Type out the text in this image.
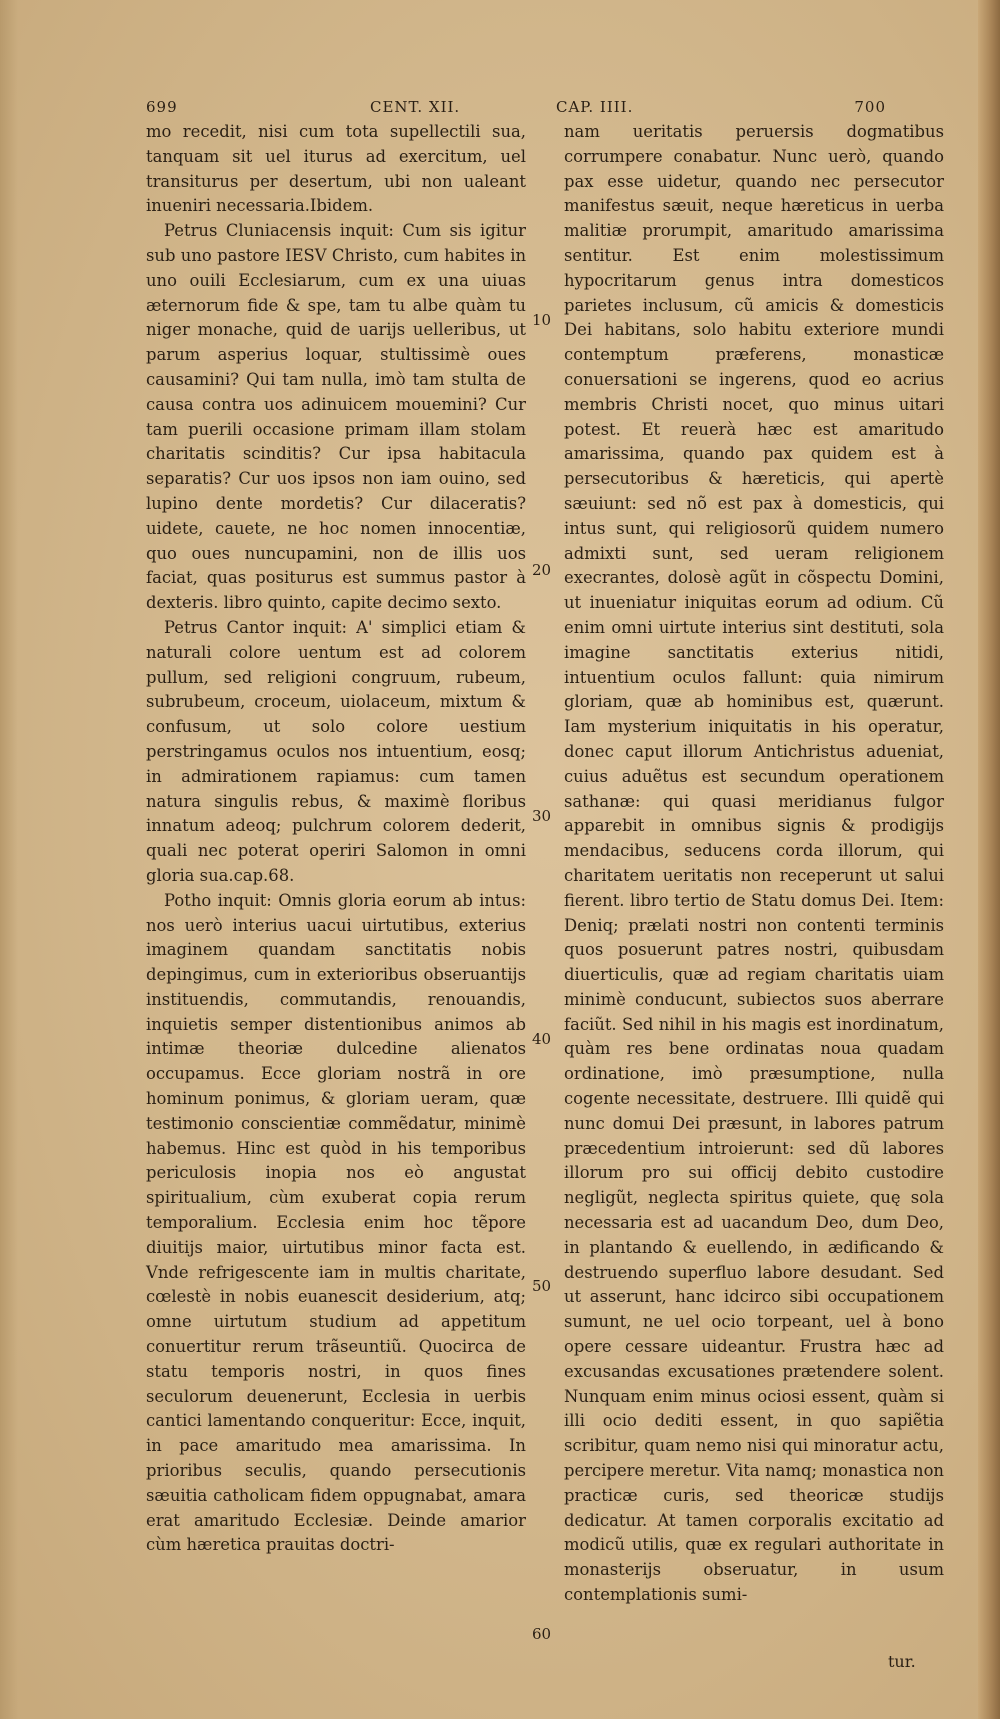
699	CENT. XII.	CAP. IIII.	700

mo recedit, nisi cum tota supellectili sua, tanquam sit uel iturus ad exercitum, uel transiturus per desertum, ubi non ualeant inueniri necessaria.Ibidem.

Petrus Cluniacensis inquit: Cum sis igitur sub uno pastore IESV Christo, cum habites in uno ouili Ecclesiarum, cum ex una uiuas æternorum fide & spe, tam tu albe quàm tu niger monache, quid de uarijs uelleribus, ut parum asperius loquar, stultissimè oues causamini? Qui tam nulla, imò tam stulta de causa contra uos adinuicem mouemini? Cur tam puerili occasione primam illam stolam charitatis scinditis? Cur ipsa habitacula separatis? Cur uos ipsos non iam ouino, sed lupino dente mordetis? Cur dilaceratis? uidete, cauete, ne hoc nomen innocentiæ, quo oues nuncupamini, non de illis uos faciat, quas positurus est summus pastor à dexteris. libro quinto, capite decimo sexto.

Petrus Cantor inquit: A' simplici etiam & naturali colore uentum est ad colorem pullum, sed religioni congruum, rubeum, subrubeum, croceum, uiolaceum, mixtum & confusum, ut solo colore uestium perstringamus oculos nos intuentium, eosq; in admirationem rapiamus: cum tamen natura singulis rebus, & maximè floribus innatum adeoq; pulchrum colorem dederit, quali nec poterat operiri Salomon in omni gloria sua.cap.68.

Potho inquit: Omnis gloria eorum ab intus: nos uerò interius uacui uirtutibus, exterius imaginem quandam sanctitatis nobis depingimus, cum in exterioribus obseruantijs instituendis, commutandis, renouandis, inquietis semper distentionibus animos ab intimæ theoriæ dulcedine alienatos occupamus. Ecce gloriam nostrã in ore hominum ponimus, & gloriam ueram, quæ testimonio conscientiæ commẽdatur, minimè habemus. Hinc est quòd in his temporibus periculosis inopia nos eò angustat spiritualium, cùm exuberat copia rerum temporalium. Ecclesia enim hoc tẽpore diuitijs maior, uirtutibus minor facta est. Vnde refrigescente iam in multis charitate, cœlestè in nobis euanescit desiderium, atq; omne uirtutum studium ad appetitum conuertitur rerum trãseuntiũ. Quocirca de statu temporis nostri, in quos fines seculorum deuenerunt, Ecclesia in uerbis cantici lamentando conqueritur: Ecce, inquit, in pace amaritudo mea amarissima. In prioribus seculis, quando persecutionis sæuitia catholicam fidem oppugnabat, amara erat amaritudo Ecclesiæ. Deinde amarior cùm hæretica prauitas doctri-

10
20
30
40
50
60

nam ueritatis peruersis dogmatibus corrumpere conabatur. Nunc uerò, quando pax esse uidetur, quando nec persecutor manifestus sæuit, neque hæreticus in uerba malitiæ prorumpit, amaritudo amarissima sentitur. Est enim molestissimum hypocritarum genus intra domesticos parietes inclusum, cũ amicis & domesticis Dei habitans, solo habitu exteriore mundi contemptum præferens, monasticæ conuersationi se ingerens, quod eo acrius membris Christi nocet, quo minus uitari potest. Et reuerà hæc est amaritudo amarissima, quando pax quidem est à persecutoribus & hæreticis, qui apertè sæuiunt: sed nõ est pax à domesticis, qui intus sunt, qui religiosorũ quidem numero admixti sunt, sed ueram religionem execrantes, dolosè agũt in cõspectu Domini, ut inueniatur iniquitas eorum ad odium. Cũ enim omni uirtute interius sint destituti, sola imagine sanctitatis exterius nitidi, intuentium oculos fallunt: quia nimirum gloriam, quæ ab hominibus est, quærunt. Iam mysterium iniquitatis in his operatur, donec caput illorum Antichristus adueniat, cuius aduẽtus est secundum operationem sathanæ: qui quasi meridianus fulgor apparebit in omnibus signis & prodigijs mendacibus, seducens corda illorum, qui charitatem ueritatis non receperunt ut salui fierent. libro tertio de Statu domus Dei. Item: Deniq; prælati nostri non contenti terminis quos posuerunt patres nostri, quibusdam diuerticulis, quæ ad regiam charitatis uiam minimè conducunt, subiectos suos aberrare faciũt. Sed nihil in his magis est inordinatum, quàm res bene ordinatas noua quadam ordinatione, imò præsumptione, nulla cogente necessitate, destruere. Illi quidẽ qui nunc domui Dei præsunt, in labores patrum præcedentium introierunt: sed dũ labores illorum pro sui officij debito custodire negligũt, neglecta spiritus quiete, quę sola necessaria est ad uacandum Deo, dum Deo, in plantando & euellendo, in ædificando & destruendo superfluo labore desudant. Sed ut asserunt, hanc idcirco sibi occupationem sumunt, ne uel ocio torpeant, uel à bono opere cessare uideantur. Frustra hæc ad excusandas excusationes prætendere solent. Nunquam enim minus ociosi essent, quàm si illi ocio dediti essent, in quo sapiẽtia scribitur, quam nemo nisi qui minoratur actu, percipere meretur. Vita namq; monastica non practicæ curis, sed theoricæ studijs dedicatur. At tamen corporalis excitatio ad modicũ utilis, quæ ex regulari authoritate in monasterijs obseruatur, in usum contemplationis sumi-

tur.
